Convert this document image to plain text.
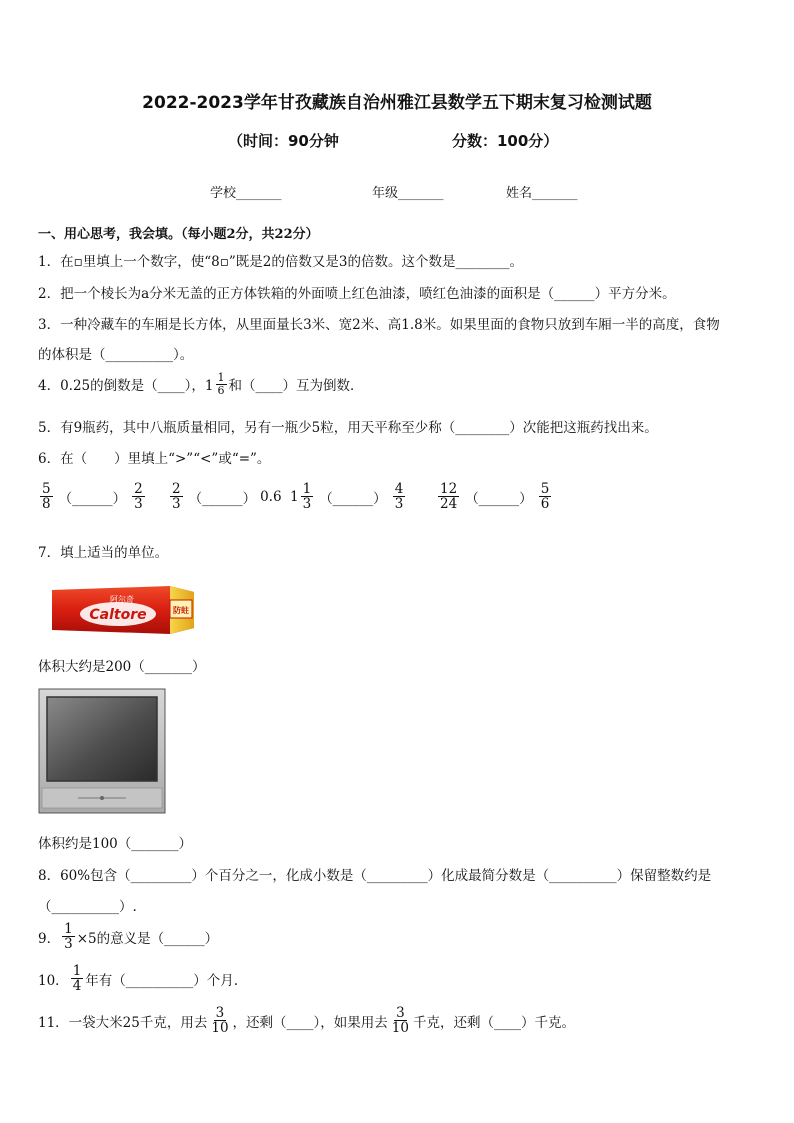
2022-2023学年甘孜藏族自治州雅江县数学五下期末复习检测试题
（时间：90分钟	分数：100分）
学校_______	年级_______	姓名_______
一、用心思考，我会填。（每小题2分，共22分）
1．在▫里填上一个数字，使“8▫”既是2的倍数又是3的倍数。这个数是________。
2．把一个棱长为a分米无盖的正方体铁箱的外面喷上红色油漆，喷红色油漆的面积是（______）平方分米。
3．一种冷藏车的车厢是长方体，从里面量长3米、宽2米、高1.8米。如果里面的食物只放到车厢一半的高度，食物
的体积是（__________）。
4．0.25的倒数是（____），$1 \frac{1}{6}$ 和（____）互为倒数．
5．有9瓶药，其中八瓶质量相同，另有一瓶少5粒，用天平称至少称（________）次能把这瓶药找出来。
6．在（　　）里填上“>”“<”或“=”。
$\frac{5}{8}$ （______） $\frac{2}{3} \frac{2}{3}$ （______） 0.6 $1 \frac{1}{3}$ （______） $\frac{4}{3} \frac{12}{24}$ （______） $\frac{5}{6}$
7．填上适当的单位。
Caltore
阿尔奇
防蛀
体积大约是200（_______）
体积约是100（_______）
8．60%包含（_________）个百分之一，化成小数是（_________）化成最简分数是（__________）保留整数约是
（__________）.
9． $\frac{1}{3} \times 5$的意义是（______）
10． $\frac{1}{4}$ 年有（__________）个月.
11．一袋大米25千克，用去 $\frac{3}{10}$ ，还剩（____），如果用去 $\frac{3}{10}$ 千克，还剩（____）千克。
